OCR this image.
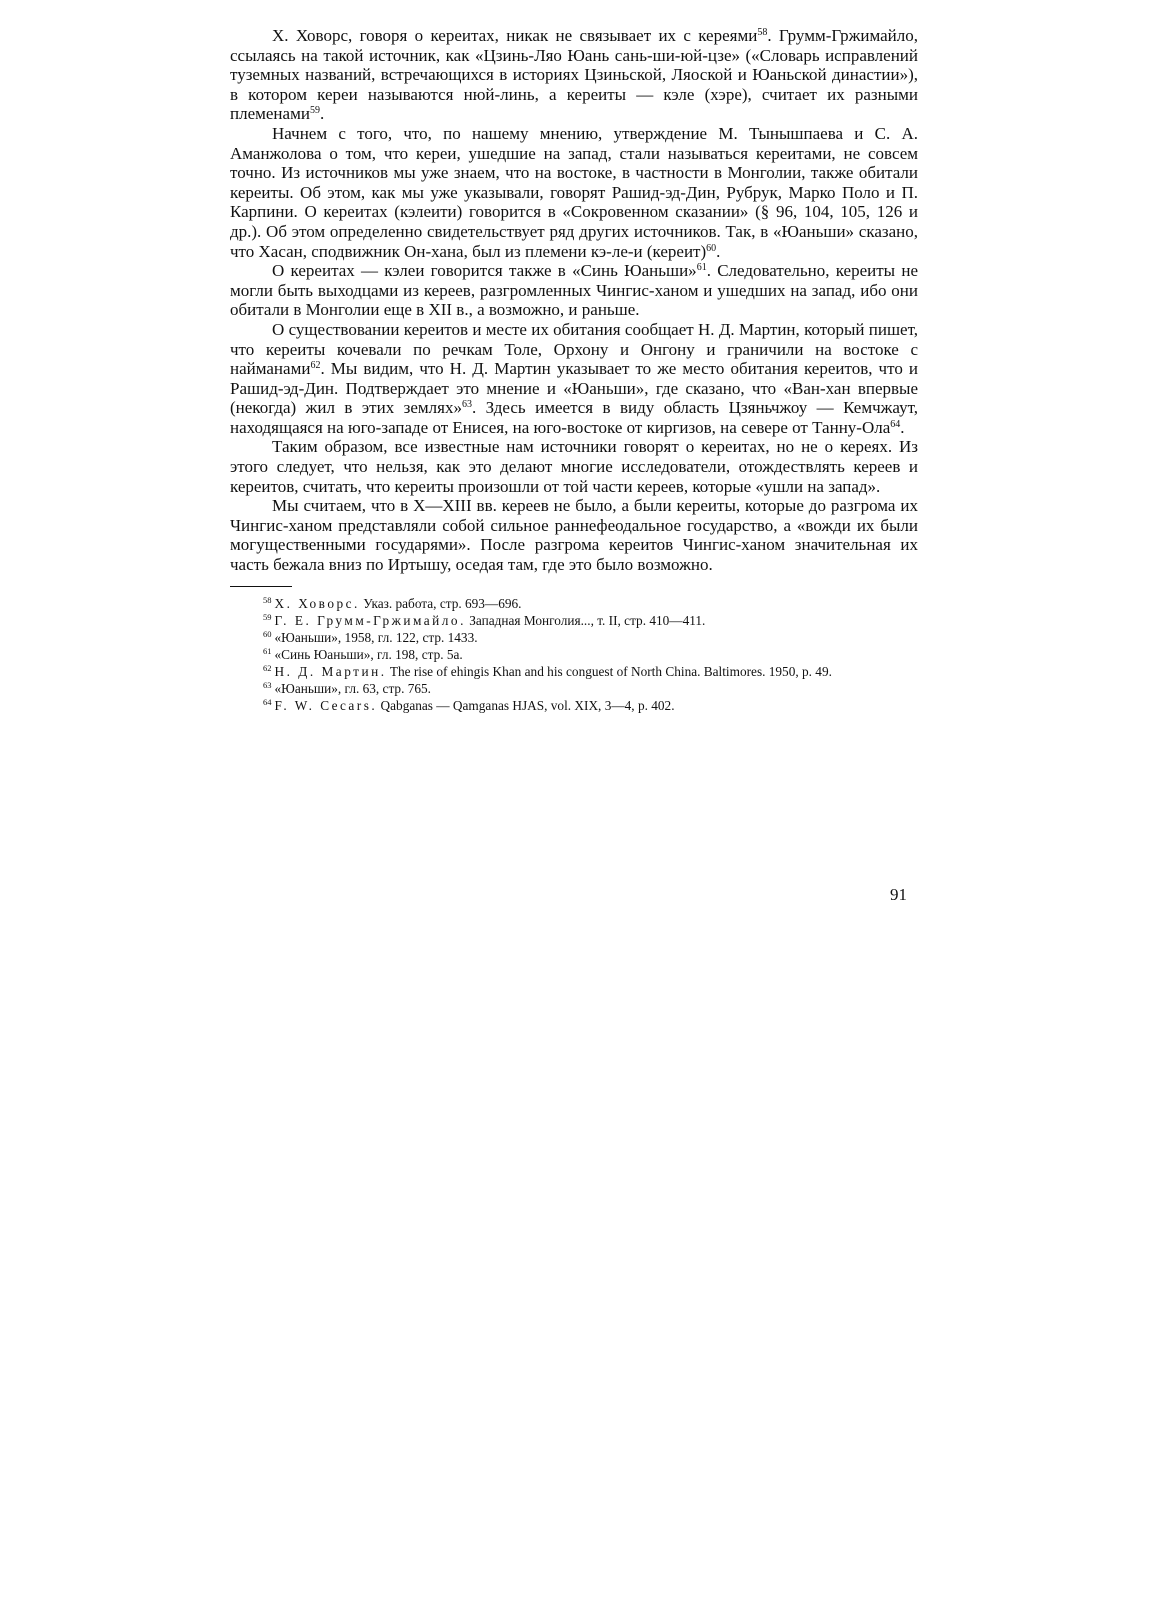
Х. Ховорс, говоря о кереитах, никак не связывает их с кереями$^{58}$. Грумм-Гржимайло, ссылаясь на такой источник, как «Цзинь-Ляо Юань сань-ши-юй-цзе» («Словарь исправлений туземных названий, встречающихся в историях Цзиньской, Ляоской и Юаньской династии»), в котором кереи называются нюй-линь, а кереиты — кэле (хэре), считает их разными племенами$^{59}$.

Начнем с того, что, по нашему мнению, утверждение М. Тынышпаева и С. А. Аманжолова о том, что кереи, ушедшие на запад, стали называться кереитами, не совсем точно. Из источников мы уже знаем, что на востоке, в частности в Монголии, также обитали кереиты. Об этом, как мы уже указывали, говорят Рашид-эд-Дин, Рубрук, Марко Поло и П. Карпини. О кереитах (кэлеити) говорится в «Сокровенном сказании» (§ 96, 104, 105, 126 и др.). Об этом определенно свидетельствует ряд других источников. Так, в «Юаньши» сказано, что Хасан, сподвижник Он-хана, был из племени кэ-ле-и (кереит)$^{60}$.

О кереитах — кэлеи говорится также в «Синь Юаньши»$^{61}$. Следовательно, кереиты не могли быть выходцами из кереев, разгромленных Чингис-ханом и ушедших на запад, ибо они обитали в Монголии еще в XII в., а возможно, и раньше.

О существовании кереитов и месте их обитания сообщает Н. Д. Мартин, который пишет, что кереиты кочевали по речкам Толе, Орхону и Онгону и граничили на востоке с найманами$^{62}$. Мы видим, что Н. Д. Мартин указывает то же место обитания кереитов, что и Рашид-эд-Дин. Подтверждает это мнение и «Юаньши», где сказано, что «Ван-хан впервые (некогда) жил в этих землях»$^{63}$. Здесь имеется в виду область Цзяньчжоу — Кемчжаут, находящаяся на юго-западе от Енисея, на юго-востоке от киргизов, на севере от Танну-Ола$^{64}$.

Таким образом, все известные нам источники говорят о кереитах, но не о кереях. Из этого следует, что нельзя, как это делают многие исследователи, отождествлять кереев и кереитов, считать, что кереиты произошли от той части кереев, которые «ушли на запад».

Мы считаем, что в X—XIII вв. кереев не было, а были кереиты, которые до разгрома их Чингис-ханом представляли собой сильное раннефеодальное государство, а «вожди их были могущественными государями». После разгрома кереитов Чингис-ханом значительная их часть бежала вниз по Иртышу, оседая там, где это было возможно.

$^{58}$ Х. Ховорс. Указ. работа, стр. 693—696.
$^{59}$ Г. Е. Грумм-Гржимайло. Западная Монголия..., т. II, стр. 410—411.
$^{60}$ «Юаньши», 1958, гл. 122, стр. 1433.
$^{61}$ «Синь Юаньши», гл. 198, стр. 5а.
$^{62}$ Н. Д. Мартин. The rise of ehingis Khan and his conguest of North China. Baltimores. 1950, p. 49.
$^{63}$ «Юаньши», гл. 63, стр. 765.
$^{64}$ F. W. Cecars. Qabganas — Qamganas HJAS, vol. XIX, 3—4, p. 402.

91
